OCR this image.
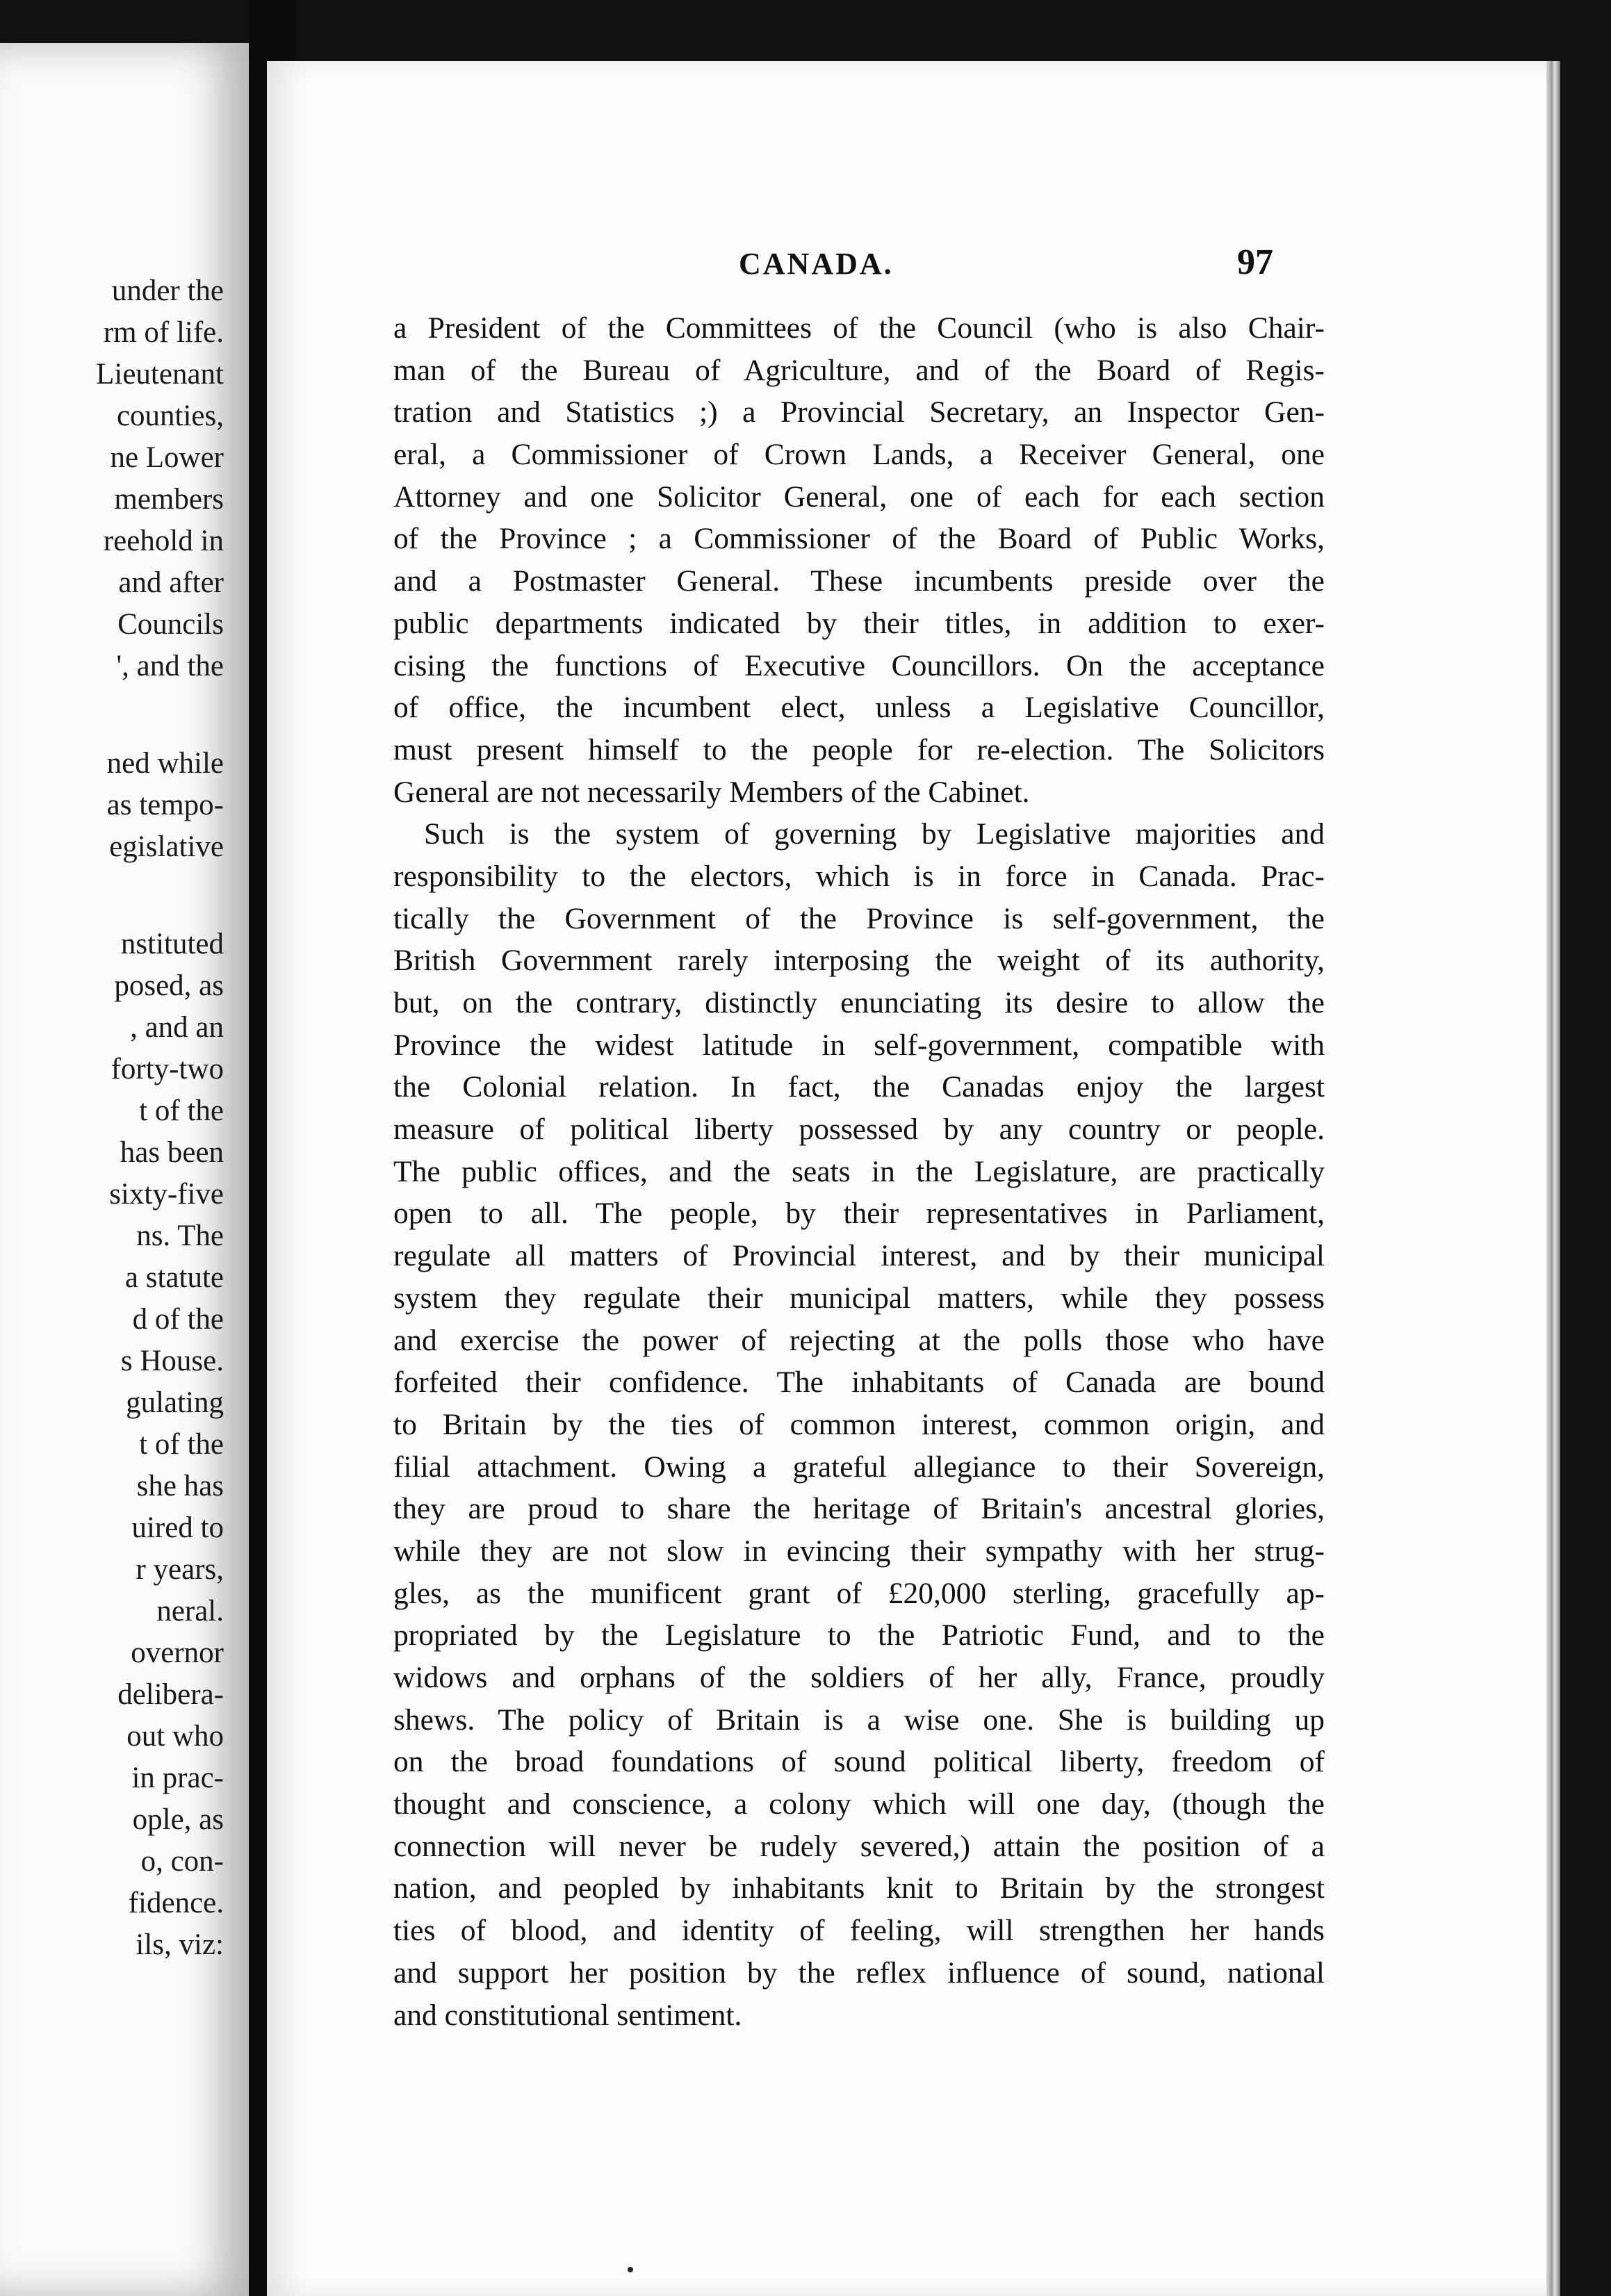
under the

rm of life.

Lieutenant

counties,

ne Lower

members

reehold in

and after

Councils

', and the

ned while

as tempo-

egislative

nstituted

posed, as

, and an

forty-two

t of the

has been

sixty-five

ns. The

a statute

d of the

s House.

gulating

t of the

she has

uired to

r years,

neral.

overnor

delibera-

out who

in prac-

ople, as

o, con-

fidence.

ils, viz:

CANADA.	97
a President of the Committees of the Council (who is also Chair-
man of the Bureau of Agriculture, and of the Board of Regis-
tration and Statistics ;) a Provincial Secretary, an Inspector Gen-
eral, a Commissioner of Crown Lands, a Receiver General, one
Attorney and one Solicitor General, one of each for each section
of the Province ; a Commissioner of the Board of Public Works,
and a Postmaster General. These incumbents preside over the
public departments indicated by their titles, in addition to exer-
cising the functions of Executive Councillors. On the acceptance
of office, the incumbent elect, unless a Legislative Councillor,
must present himself to the people for re-election. The Solicitors
General are not necessarily Members of the Cabinet.
Such is the system of governing by Legislative majorities and
responsibility to the electors, which is in force in Canada. Prac-
tically the Government of the Province is self-government, the
British Government rarely interposing the weight of its authority,
but, on the contrary, distinctly enunciating its desire to allow the
Province the widest latitude in self-government, compatible with
the Colonial relation. In fact, the Canadas enjoy the largest
measure of political liberty possessed by any country or people.
The public offices, and the seats in the Legislature, are practically
open to all. The people, by their representatives in Parliament,
regulate all matters of Provincial interest, and by their municipal
system they regulate their municipal matters, while they possess
and exercise the power of rejecting at the polls those who have
forfeited their confidence. The inhabitants of Canada are bound
to Britain by the ties of common interest, common origin, and
filial attachment. Owing a grateful allegiance to their Sovereign,
they are proud to share the heritage of Britain's ancestral glories,
while they are not slow in evincing their sympathy with her strug-
gles, as the munificent grant of £20,000 sterling, gracefully ap-
propriated by the Legislature to the Patriotic Fund, and to the
widows and orphans of the soldiers of her ally, France, proudly
shews. The policy of Britain is a wise one. She is building up
on the broad foundations of sound political liberty, freedom of
thought and conscience, a colony which will one day, (though the
connection will never be rudely severed,) attain the position of a
nation, and peopled by inhabitants knit to Britain by the strongest
ties of blood, and identity of feeling, will strengthen her hands
and support her position by the reflex influence of sound, national
and constitutional sentiment.
